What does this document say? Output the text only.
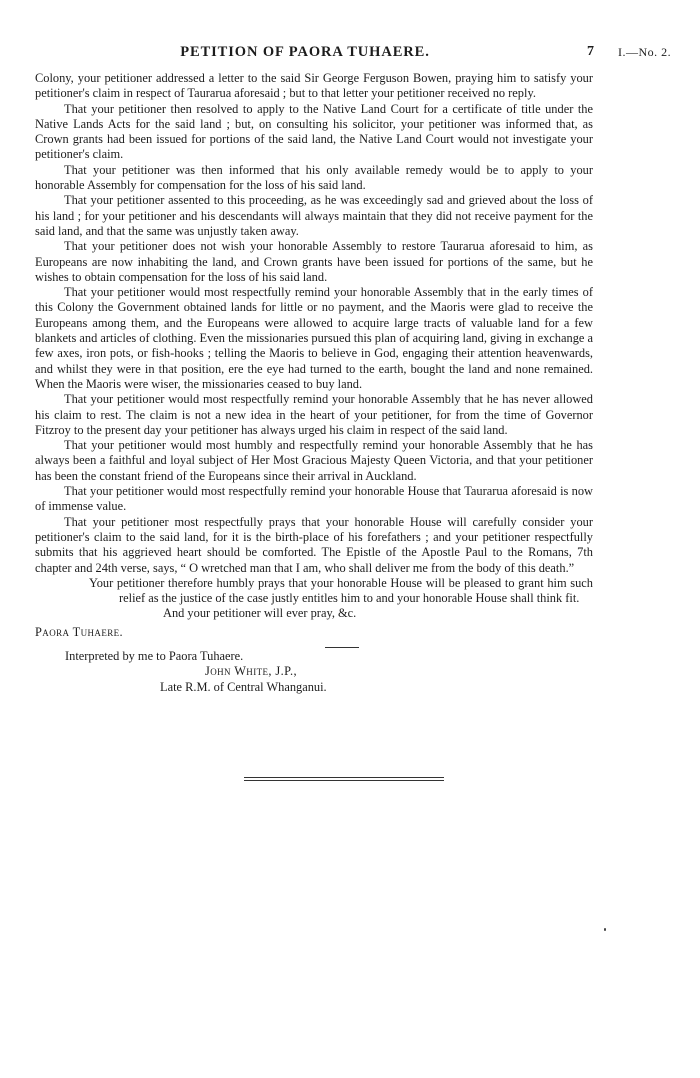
PETITION OF PAORA TUHAERE.	7 I.—No. 2.

Colony, your petitioner addressed a letter to the said Sir George Ferguson Bowen, praying him to satisfy your petitioner's claim in respect of Taurarua aforesaid ; but to that letter your petitioner received no reply.

That your petitioner then resolved to apply to the Native Land Court for a certificate of title under the Native Lands Acts for the said land ; but, on consulting his solicitor, your petitioner was informed that, as Crown grants had been issued for portions of the said land, the Native Land Court would not investigate your petitioner's claim.

That your petitioner was then informed that his only available remedy would be to apply to your honorable Assembly for compensation for the loss of his said land.

That your petitioner assented to this proceeding, as he was exceedingly sad and grieved about the loss of his land ; for your petitioner and his descendants will always maintain that they did not receive payment for the said land, and that the same was unjustly taken away.

That your petitioner does not wish your honorable Assembly to restore Taurarua aforesaid to him, as Europeans are now inhabiting the land, and Crown grants have been issued for portions of the same, but he wishes to obtain compensation for the loss of his said land.

That your petitioner would most respectfully remind your honorable Assembly that in the early times of this Colony the Government obtained lands for little or no payment, and the Maoris were glad to receive the Europeans among them, and the Europeans were allowed to acquire large tracts of valuable land for a few blankets and articles of clothing. Even the missionaries pursued this plan of acquiring land, giving in exchange a few axes, iron pots, or fish-hooks ; telling the Maoris to believe in God, engaging their attention heavenwards, and whilst they were in that position, ere the eye had turned to the earth, bought the land and none remained. When the Maoris were wiser, the missionaries ceased to buy land.

That your petitioner would most respectfully remind your honorable Assembly that he has never allowed his claim to rest. The claim is not a new idea in the heart of your petitioner, for from the time of Governor Fitzroy to the present day your petitioner has always urged his claim in respect of the said land.

That your petitioner would most humbly and respectfully remind your honorable Assembly that he has always been a faithful and loyal subject of Her Most Gracious Majesty Queen Victoria, and that your petitioner has been the constant friend of the Europeans since their arrival in Auckland.

That your petitioner would most respectfully remind your honorable House that Taurarua aforesaid is now of immense value.

That your petitioner most respectfully prays that your honorable House will carefully consider your petitioner's claim to the said land, for it is the birth-place of his forefathers ; and your petitioner respectfully submits that his aggrieved heart should be comforted. The Epistle of the Apostle Paul to the Romans, 7th chapter and 24th verse, says, “ O wretched man that I am, who shall deliver me from the body of this death.”

Your petitioner therefore humbly prays that your honorable House will be pleased to grant him such relief as the justice of the case justly entitles him to and your honorable House shall think fit.

And your petitioner will ever pray, &c.

Paora Tuhaere.

Interpreted by me to Paora Tuhaere.

John White, J.P.,

Late R.M. of Central Whanganui.
